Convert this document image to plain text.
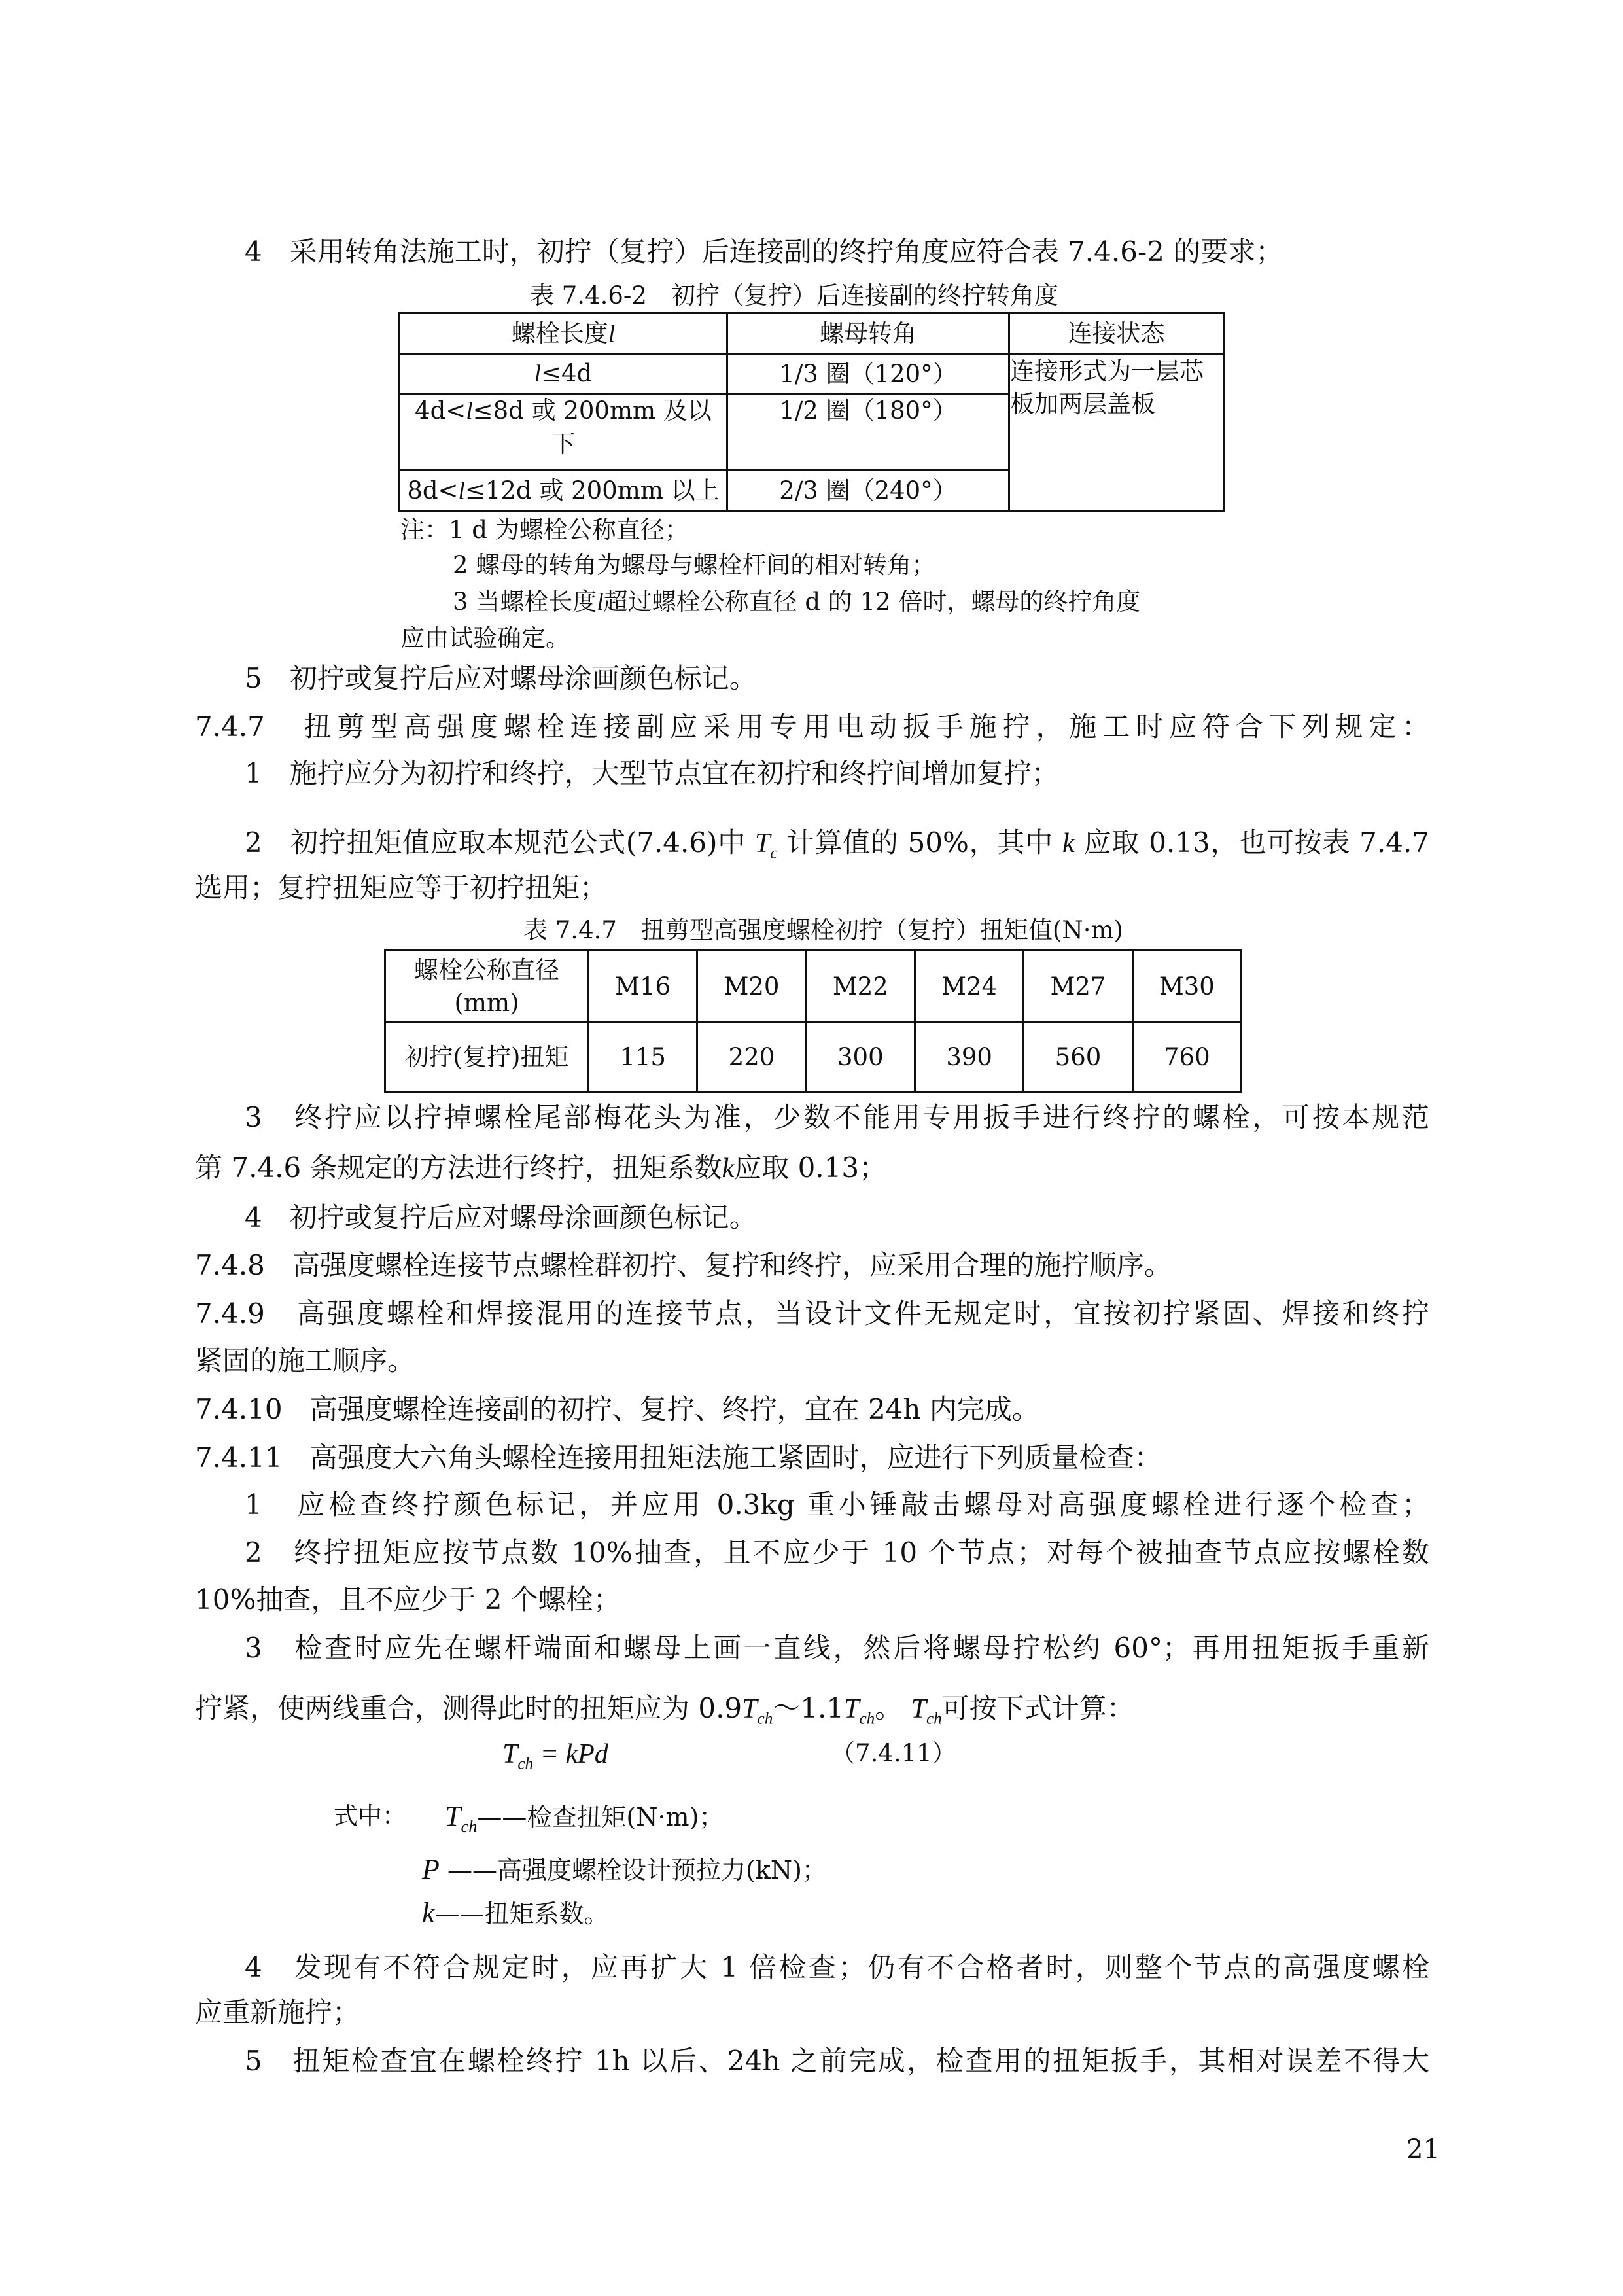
4　采用转角法施工时，初拧（复拧）后连接副的终拧角度应符合表 7.4.6-2 的要求；
表 7.4.6-2　初拧（复拧）后连接副的终拧转角度
螺栓长度l	螺母转角	连接状态
l≤4d	1/3 圈（120°）	连接形式为一层芯板加两层盖板
4d<l≤8d 或 200mm 及以下	1/2 圈（180°）	
8d<l≤12d 或 200mm 以上	2/3 圈（240°）	
注：1 d 为螺栓公称直径；
2 螺母的转角为螺母与螺栓杆间的相对转角；
3 当螺栓长度l超过螺栓公称直径 d 的 12 倍时，螺母的终拧角度
应由试验确定。
5　初拧或复拧后应对螺母涂画颜色标记。
7.4.7　扭剪型高强度螺栓连接副应采用专用电动扳手施拧，施工时应符合下列规定：
1　施拧应分为初拧和终拧，大型节点宜在初拧和终拧间增加复拧；
2　初拧扭矩值应取本规范公式(7.4.6)中 $T_c$ 计算值的 50%，其中 k 应取 0.13，也可按表 7.4.7
选用；复拧扭矩应等于初拧扭矩；
表 7.4.7　扭剪型高强度螺栓初拧（复拧）扭矩值(N·m)
螺栓公称直径(mm)	M16	M20	M22	M24	M27	M30
初拧(复拧)扭矩	115	220	300	390	560	760
3　终拧应以拧掉螺栓尾部梅花头为准，少数不能用专用扳手进行终拧的螺栓，可按本规范
第 7.4.6 条规定的方法进行终拧，扭矩系数k应取 0.13；
4　初拧或复拧后应对螺母涂画颜色标记。
7.4.8　高强度螺栓连接节点螺栓群初拧、复拧和终拧，应采用合理的施拧顺序。
7.4.9　高强度螺栓和焊接混用的连接节点，当设计文件无规定时，宜按初拧紧固、焊接和终拧
紧固的施工顺序。
7.4.10　高强度螺栓连接副的初拧、复拧、终拧，宜在 24h 内完成。
7.4.11　高强度大六角头螺栓连接用扭矩法施工紧固时，应进行下列质量检查：
1　应检查终拧颜色标记，并应用 0.3kg 重小锤敲击螺母对高强度螺栓进行逐个检查；
2　终拧扭矩应按节点数 10%抽查，且不应少于 10 个节点；对每个被抽查节点应按螺栓数
10%抽查，且不应少于 2 个螺栓；
3　检查时应先在螺杆端面和螺母上画一直线，然后将螺母拧松约 60°；再用扭矩扳手重新
拧紧，使两线重合，测得此时的扭矩应为 $0.9T_{ch}\sim 1.1T_{ch}$。 $T_{ch}$可按下式计算：
$T_{ch}$ = kPd	（7.4.11）
式中： $T_{ch}——$检查扭矩(N·m)；
P ——高强度螺栓设计预拉力(kN)；
k——扭矩系数。
4　发现有不符合规定时，应再扩大 1 倍检查；仍有不合格者时，则整个节点的高强度螺栓
应重新施拧；
5　扭矩检查宜在螺栓终拧 1h 以后、24h 之前完成，检查用的扭矩扳手，其相对误差不得大
21
